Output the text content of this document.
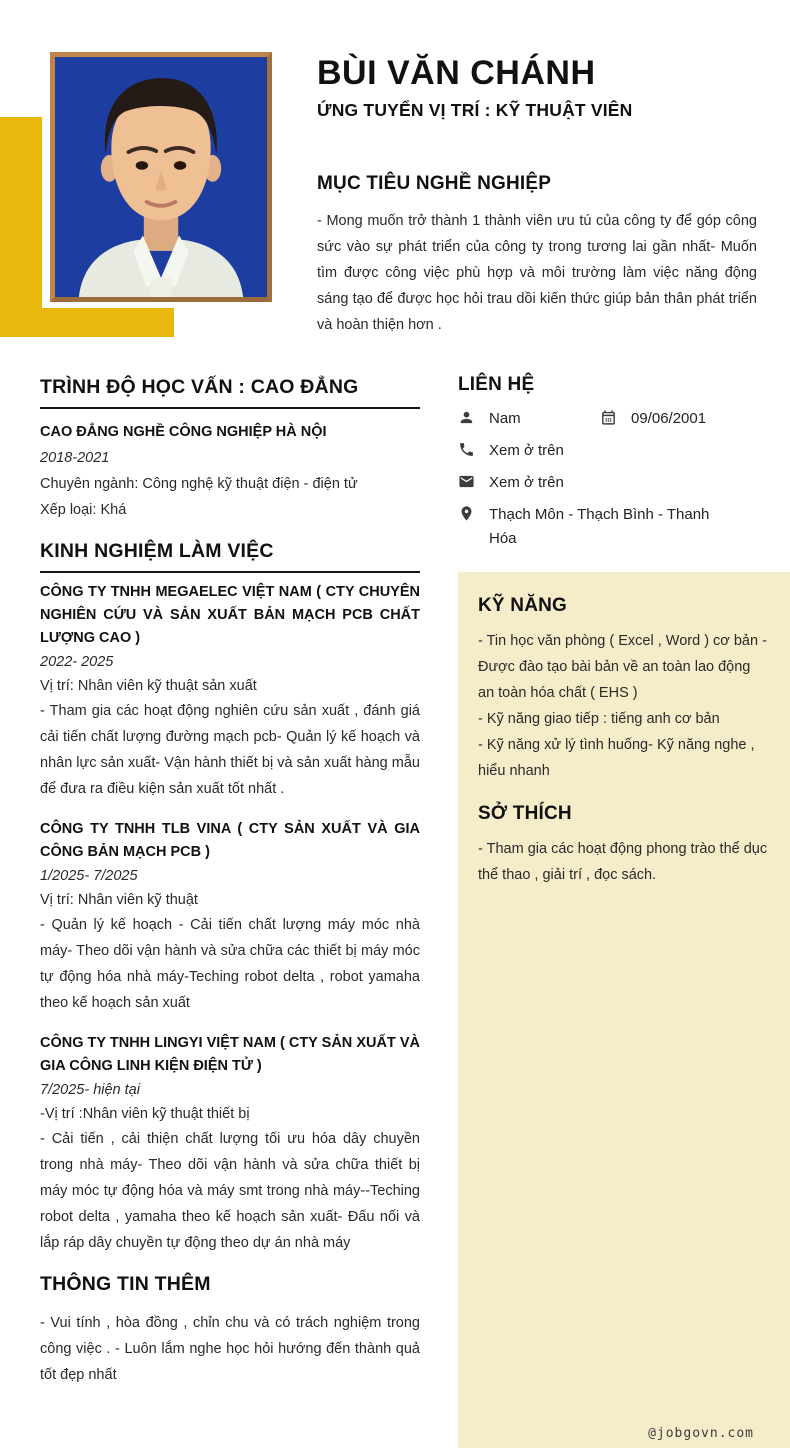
BÙI VĂN CHÁNH
ỨNG TUYỂN VỊ TRÍ : KỸ THUẬT VIÊN
MỤC TIÊU NGHỀ NGHIỆP

- Mong muốn trở thành 1 thành viên ưu tú của công ty để góp công sức vào sự phát triển của công ty trong tương lai gần nhất- Muốn tìm được công việc phù hợp và môi trường làm việc năng động sáng tạo để được học hỏi trau dồi kiến thức giúp bản thân phát triển và hoàn thiện hơn .

TRÌNH ĐỘ HỌC VẤN : CAO ĐẲNG
CAO ĐẲNG NGHỀ CÔNG NGHIỆP HÀ NỘI
2018-2021
Chuyên ngành: Công nghệ kỹ thuật điện - điện tử
Xếp loại: Khá
KINH NGHIỆM LÀM VIỆC
CÔNG TY TNHH MEGAELEC VIỆT NAM ( CTY CHUYÊN NGHIÊN CỨU VÀ SẢN XUẤT BẢN MẠCH PCB CHẤT LƯỢNG CAO )
2022- 2025
Vị trí: Nhân viên kỹ thuật sản xuất
- Tham gia các hoạt động nghiên cứu sản xuất , đánh giá cải tiến chất lượng đường mạch pcb- Quản lý kế hoạch và nhân lực sản xuất- Vận hành thiết bị và sản xuất hàng mẫu để đưa ra điều kiện sản xuất tốt nhất .
CÔNG TY TNHH TLB VINA ( CTY SẢN XUẤT VÀ GIA CÔNG BẢN MẠCH PCB )
1/2025- 7/2025
Vị trí: Nhân viên kỹ thuật
- Quản lý kế hoạch - Cải tiến chất lượng máy móc nhà máy- Theo dõi vận hành và sửa chữa các thiết bị máy móc tự động hóa nhà máy-Teching robot delta , robot yamaha theo kế hoạch sản xuất
CÔNG TY TNHH LINGYI VIỆT NAM ( CTY SẢN XUẤT VÀ GIA CÔNG LINH KIỆN ĐIỆN TỬ )
7/2025- hiện tại
-Vị trí :Nhân viên kỹ thuật thiết bị
- Cải tiến , cải thiện chất lượng tối ưu hóa dây chuyền trong nhà máy- Theo dõi vận hành và sửa chữa thiết bị máy móc tự động hóa và máy smt trong nhà máy--Teching robot delta , yamaha theo kế hoạch sản xuất- Đấu nối và lắp ráp dây chuyền tự động theo dự án nhà máy
THÔNG TIN THÊM
- Vui tính , hòa đồng , chỉn chu và có trách nghiệm trong công việc . - Luôn lắm nghe học hỏi hướng đến thành quả tốt đẹp nhất
LIÊN HỆ
Nam	09/06/2001
Xem ở trên
Xem ở trên
Thạch Môn - Thạch Bình - Thanh Hóa
KỸ NĂNG
- Tin học văn phòng ( Excel , Word ) cơ bản - Được đào tạo bài bản về an toàn lao động an toàn hóa chất ( EHS )
- Kỹ năng giao tiếp : tiếng anh cơ bản
- Kỹ năng xử lý tình huống- Kỹ năng nghe , hiểu nhanh
SỞ THÍCH
- Tham gia các hoạt động phong trào thể dục thể thao , giải trí , đọc sách.
@jobgovn.com
